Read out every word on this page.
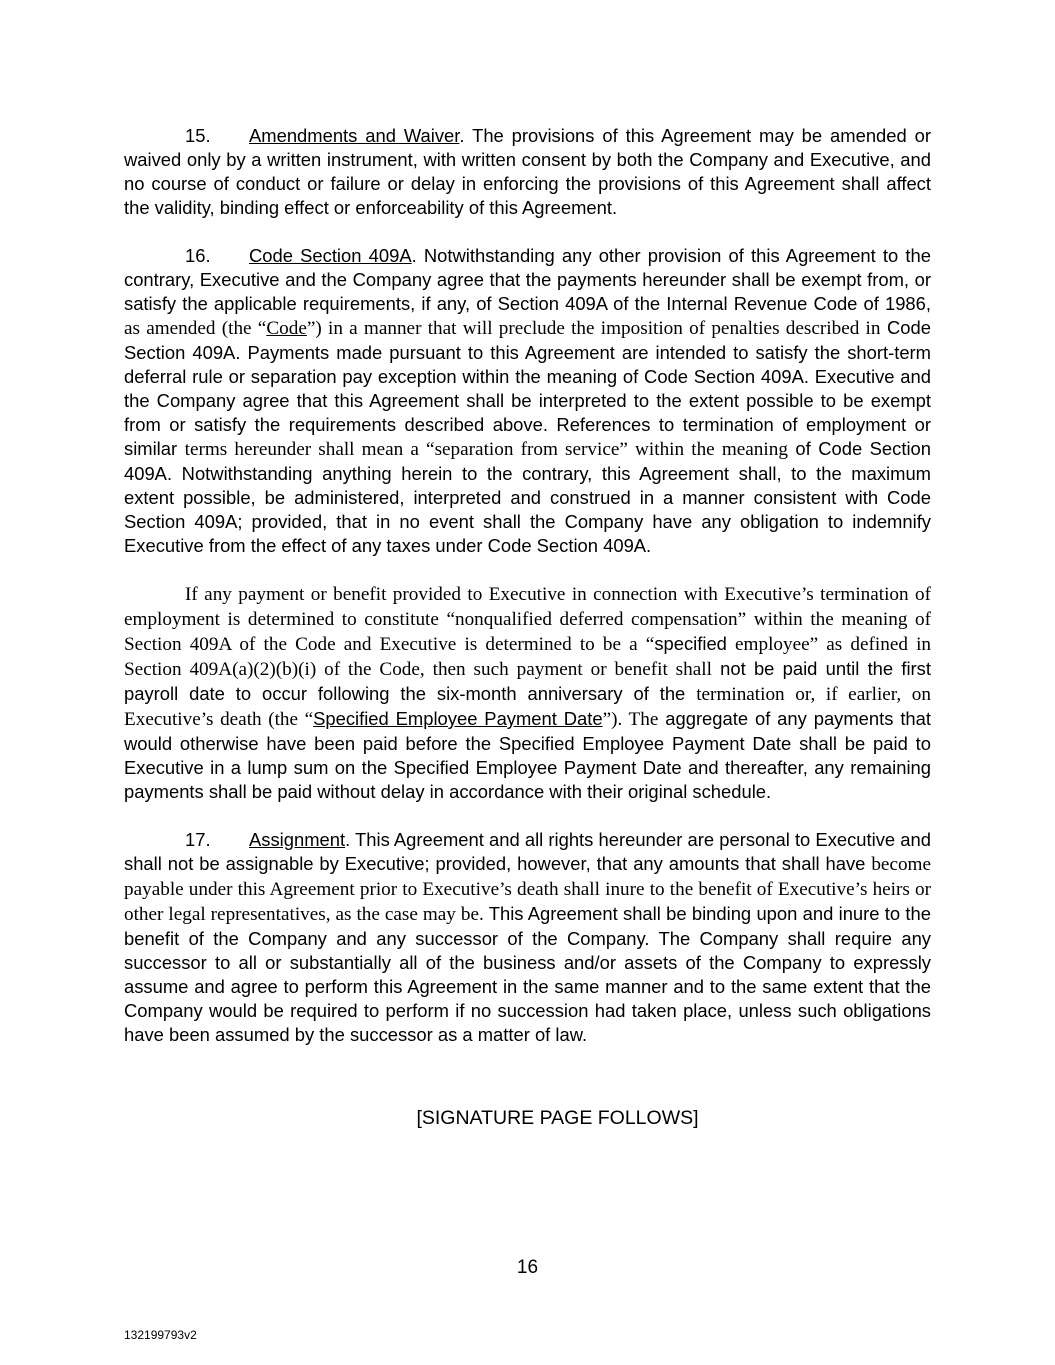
15. Amendments and Waiver. The provisions of this Agreement may be amended or waived only by a written instrument, with written consent by both the Company and Executive, and no course of conduct or failure or delay in enforcing the provisions of this Agreement shall affect the validity, binding effect or enforceability of this Agreement.

16. Code Section 409A. Notwithstanding any other provision of this Agreement to the contrary, Executive and the Company agree that the payments hereunder shall be exempt from, or satisfy the applicable requirements, if any, of Section 409A of the Internal Revenue Code of 1986, as amended (the “Code”) in a manner that will preclude the imposition of penalties described in Code Section 409A. Payments made pursuant to this Agreement are intended to satisfy the short-term deferral rule or separation pay exception within the meaning of Code Section 409A. Executive and the Company agree that this Agreement shall be interpreted to the extent possible to be exempt from or satisfy the requirements described above. References to termination of employment or similar terms hereunder shall mean a “separation from service” within the meaning of Code Section 409A. Notwithstanding anything herein to the contrary, this Agreement shall, to the maximum extent possible, be administered, interpreted and construed in a manner consistent with Code Section 409A; provided, that in no event shall the Company have any obligation to indemnify Executive from the effect of any taxes under Code Section 409A.

If any payment or benefit provided to Executive in connection with Executive’s termination of employment is determined to constitute “nonqualified deferred compensation” within the meaning of Section 409A of the Code and Executive is determined to be a “specified employee” as defined in Section 409A(a)(2)(b)(i) of the Code, then such payment or benefit shall not be paid until the first payroll date to occur following the six-month anniversary of the termination or, if earlier, on Executive’s death (the “Specified Employee Payment Date”). The aggregate of any payments that would otherwise have been paid before the Specified Employee Payment Date shall be paid to Executive in a lump sum on the Specified Employee Payment Date and thereafter, any remaining payments shall be paid without delay in accordance with their original schedule.

17. Assignment. This Agreement and all rights hereunder are personal to Executive and shall not be assignable by Executive; provided, however, that any amounts that shall have become payable under this Agreement prior to Executive’s death shall inure to the benefit of Executive’s heirs or other legal representatives, as the case may be. This Agreement shall be binding upon and inure to the benefit of the Company and any successor of the Company. The Company shall require any successor to all or substantially all of the business and/or assets of the Company to expressly assume and agree to perform this Agreement in the same manner and to the same extent that the Company would be required to perform if no succession had taken place, unless such obligations have been assumed by the successor as a matter of law.

[SIGNATURE PAGE FOLLOWS]
16
132199793v2
